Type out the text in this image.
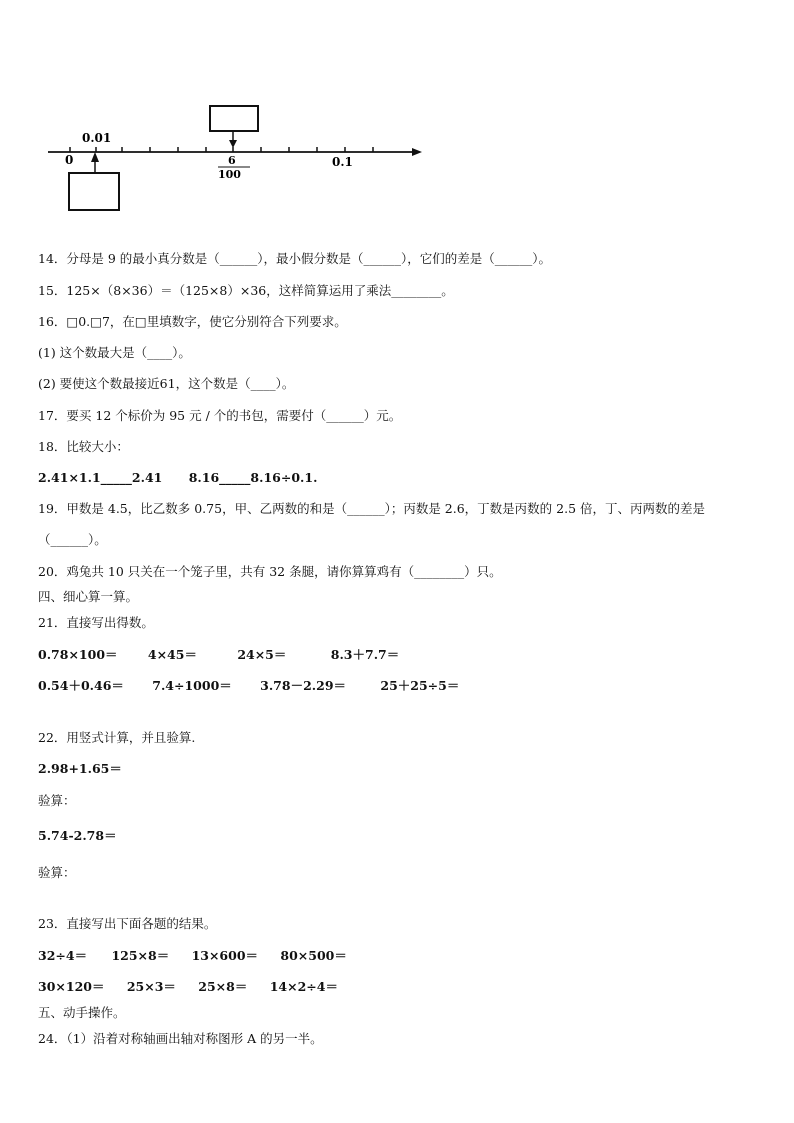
0.01
0	6
100
0.1
14．分母是 9 的最小真分数是（______），最小假分数是（______），它们的差是（______）。
15．125×（8×36）＝（125×8）×36，这样简算运用了乘法________。
16．□0.□7，在□里填数字，使它分别符合下列要求。
(1) 这个数最大是（____）。
(2) 要使这个数最接近61，这个数是（____）。
17．要买 12 个标价为 95 元 / 个的书包，需要付（______）元。
18．比较大小：
2.41×1.1_____2.41 8.16_____8.16÷0.1.
19．甲数是 4.5，比乙数多 0.75，甲、乙两数的和是（______）；丙数是 2.6，丁数是丙数的 2.5 倍，丁、丙两数的差是
（______）。
20．鸡兔共 10 只关在一个笼子里，共有 32 条腿，请你算算鸡有（________）只。
四、细心算一算。
21．直接写出得数。
0.78×100＝ 4×45＝	24×5＝	8.3＋7.7＝
0.54＋0.46＝ 7.4÷1000＝ 3.78－2.29＝	25＋25÷5＝
22．用竖式计算，并且验算.
2.98+1.65＝
验算：
5.74-2.78＝
验算：
23．直接写出下面各题的结果。
32÷4＝ 125×8＝ 13×600＝ 80×500＝
30×120＝ 25×3＝ 25×8＝ 14×2÷4＝
五、动手操作。
24．（1）沿着对称轴画出轴对称图形 A 的另一半。
